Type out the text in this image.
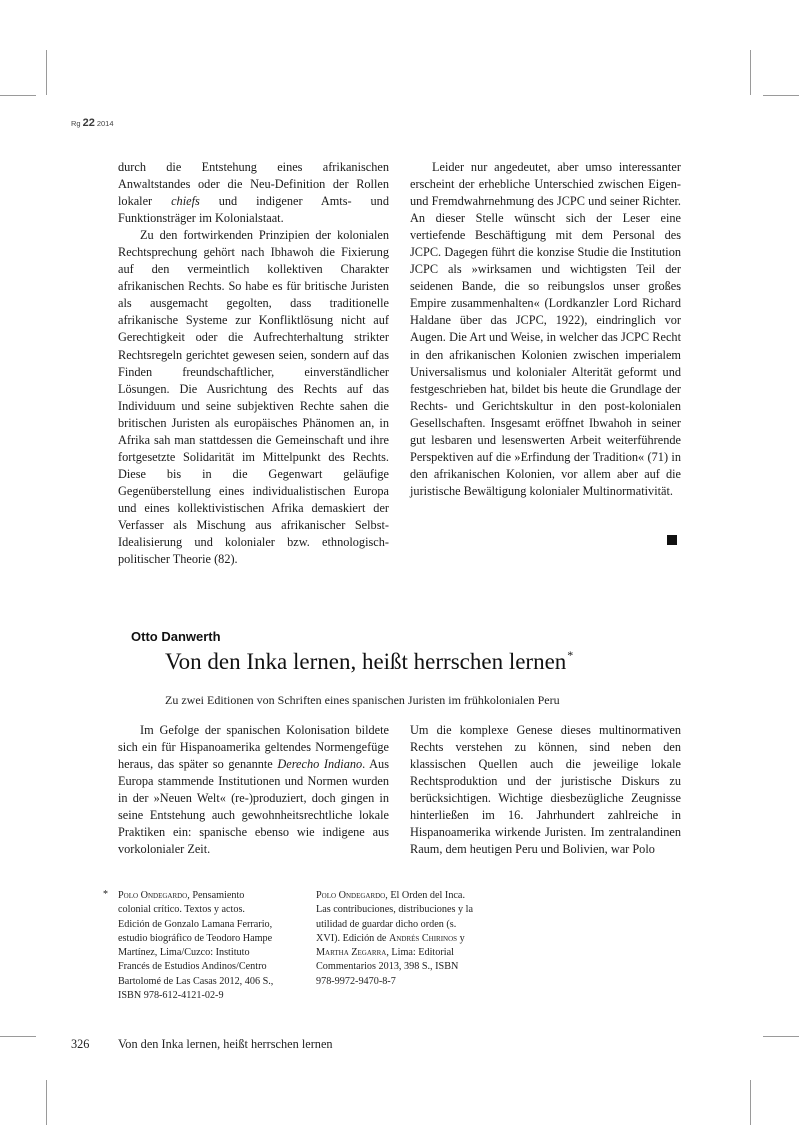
Rg 22 2014

durch die Entstehung eines afrikanischen Anwaltstandes oder die Neu-Definition der Rollen lokaler chiefs und indigener Amts- und Funktionsträger im Kolonialstaat.

Zu den fortwirkenden Prinzipien der kolonialen Rechtsprechung gehört nach Ibhawoh die Fixierung auf den vermeintlich kollektiven Charakter afrikanischen Rechts. So habe es für britische Juristen als ausgemacht gegolten, dass traditionelle afrikanische Systeme zur Konfliktlösung nicht auf Gerechtigkeit oder die Aufrechterhaltung strikter Rechtsregeln gerichtet gewesen seien, sondern auf das Finden freundschaftlicher, einverständlicher Lösungen. Die Ausrichtung des Rechts auf das Individuum und seine subjektiven Rechte sahen die britischen Juristen als europäisches Phänomen an, in Afrika sah man stattdessen die Gemeinschaft und ihre fortgesetzte Solidarität im Mittelpunkt des Rechts. Diese bis in die Gegenwart geläufige Gegenüberstellung eines individualistischen Europa und eines kollektivistischen Afrika demaskiert der Verfasser als Mischung aus afrikanischer Selbst-Idealisierung und kolonialer bzw. ethnologisch-politischer Theorie (82).

Leider nur angedeutet, aber umso interessanter erscheint der erhebliche Unterschied zwischen Eigen- und Fremdwahrnehmung des JCPC und seiner Richter. An dieser Stelle wünscht sich der Leser eine vertiefende Beschäftigung mit dem Personal des JCPC. Dagegen führt die konzise Studie die Institution JCPC als »wirksamen und wichtigsten Teil der seidenen Bande, die so reibungslos unser großes Empire zusammenhalten« (Lordkanzler Lord Richard Haldane über das JCPC, 1922), eindringlich vor Augen. Die Art und Weise, in welcher das JCPC Recht in den afrikanischen Kolonien zwischen imperialem Universalismus und kolonialer Alterität geformt und festgeschrieben hat, bildet bis heute die Grundlage der Rechts- und Gerichtskultur in den post-kolonialen Gesellschaften. Insgesamt eröffnet Ibwahoh in seiner gut lesbaren und lesenswerten Arbeit weiterführende Perspektiven auf die »Erfindung der Tradition« (71) in den afrikanischen Kolonien, vor allem aber auf die juristische Bewältigung kolonialer Multinormativität.

Otto Danwerth
Von den Inka lernen, heißt herrschen lernen*
Zu zwei Editionen von Schriften eines spanischen Juristen im frühkolonialen Peru

Im Gefolge der spanischen Kolonisation bildete sich ein für Hispanoamerika geltendes Normengefüge heraus, das später so genannte Derecho Indiano. Aus Europa stammende Institutionen und Normen wurden in der »Neuen Welt« (re-)produziert, doch gingen in seine Entstehung auch gewohnheitsrechtliche lokale Praktiken ein: spanische ebenso wie indigene aus vorkolonialer Zeit.

Um die komplexe Genese dieses multinormativen Rechts verstehen zu können, sind neben den klassischen Quellen auch die jeweilige lokale Rechtsproduktion und der juristische Diskurs zu berücksichtigen. Wichtige diesbezügliche Zeugnisse hinterließen im 16. Jahrhundert zahlreiche in Hispanoamerika wirkende Juristen. Im zentralandinen Raum, dem heutigen Peru und Bolivien, war Polo

* Polo Ondegardo, Pensamiento colonial crítico. Textos y actos. Edición de Gonzalo Lamana Ferrario, estudio biográfico de Teodoro Hampe Martínez, Lima/Cuzco: Instituto Francés de Estudios Andinos/Centro Bartolomé de Las Casas 2012, 406 S., ISBN 978-612-4121-02-9
Polo Ondegardo, El Orden del Inca. Las contribuciones, distribuciones y la utilidad de guardar dicho orden (s. XVI). Edición de Andrés Chirinos y Martha Zegarra, Lima: Editorial Commentarios 2013, 398 S., ISBN 978-9972-9470-8-7
326 Von den Inka lernen, heißt herrschen lernen
